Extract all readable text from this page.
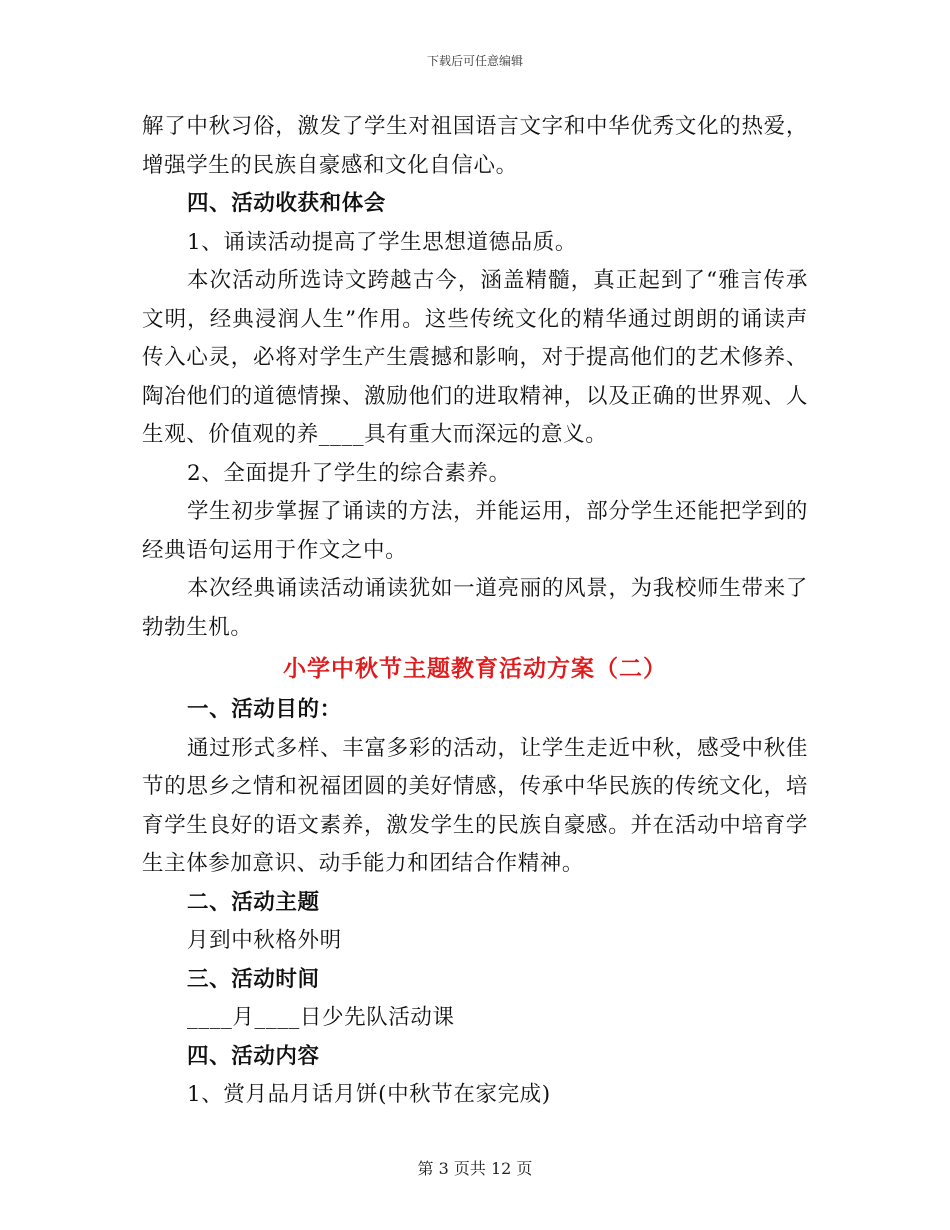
下载后可任意编辑

解了中秋习俗，激发了学生对祖国语言文字和中华优秀文化的热爱，增强学生的民族自豪感和文化自信心。

四、活动收获和体会

1、诵读活动提高了学生思想道德品质。

本次活动所选诗文跨越古今，涵盖精髓，真正起到了“雅言传承文明，经典浸润人生”作用。这些传统文化的精华通过朗朗的诵读声传入心灵，必将对学生产生震撼和影响，对于提高他们的艺术修养、陶冶他们的道德情操、激励他们的进取精神，以及正确的世界观、人生观、价值观的养____具有重大而深远的意义。

2、全面提升了学生的综合素养。

学生初步掌握了诵读的方法，并能运用，部分学生还能把学到的经典语句运用于作文之中。

本次经典诵读活动诵读犹如一道亮丽的风景，为我校师生带来了勃勃生机。

小学中秋节主题教育活动方案（二）

一、活动目的：

通过形式多样、丰富多彩的活动，让学生走近中秋，感受中秋佳节的思乡之情和祝福团圆的美好情感，传承中华民族的传统文化，培育学生良好的语文素养，激发学生的民族自豪感。并在活动中培育学生主体参加意识、动手能力和团结合作精神。

二、活动主题

月到中秋格外明

三、活动时间

____月____日少先队活动课

四、活动内容

1、赏月品月话月饼(中秋节在家完成)

第 3 页共 12 页
